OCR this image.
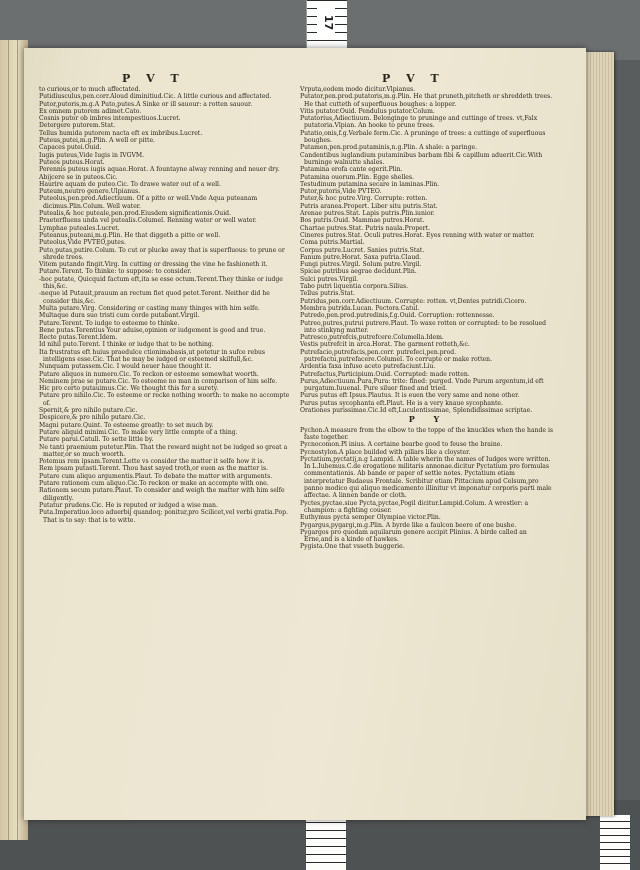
17
P V T	P V T
to curious,or to much affectated.
Putidiusculus,pen.corr.Aloud diminitiud.Cic. A little curious and affectated.
Putor,putoris,m.g.A Puto,putes.A Sinke or ill sauour: a rotten sauour.
Ex omnem putorem adimet.Cato.
Cosnis putor ob imbres intempestiuos.Lucret.
Detergere putorem.Stat.
Tellus humida putorem nacta eft ex imbribus.Lucret.
Puteus,putei,m.g.Plin. A well or pitte.
Capaces putei.Ouid.
Iugis puteus,Vide Iugis in IVGVM.
Puteos puteus.Horat.
Perennis puteus iugis aquae.Horat. A fountayne alway renning and neuer dry.
Abijcere se in puteos.Cic.
Haurire aquam de puteo.Cic. To drawe water out of a well.
Puteum,neutro genere.Ulpianus.
Puteolus,pen.prod.Adiectiuum. Of a pitte or well.Vnde Aqua puteanam dicimus.Plin.Colum. Well water.
Putealis,& hoc puteale,pen.prod.Eiusdem significationis.Ouid.
Praeterfluens unda vel putealis.Columel. Renning water or well water.
Lymphae puteales.Lucret.
Puteanus,puteani,m.g.Plin. He that diggeth a pitte or well.
Puteolus,Vide PVTEO,putes.
Puto,putas,putire.Colum. To cut or plucke away that is superfluous: to prune or shrede trees.
Vitem putando fingit.Virg. In cutting or dressing the vine he fashioneth it.
Putare.Terent. To thinke: to suppose: to consider.
-hoc putate, Quicquid factum eft,ita se esse octum.Terent.They thinke or iudge this,&c.
-neque id Putauit,prauum an rectum fiet quod petet.Terent. Neither did he consider this,&c.
Multa putare.Virg. Considering or casting many thinges with him selfe.
Multaque dura suo tristi cum corde putabant.Virgil.
Putare.Terent. To iudge to esteeme to thinke.
Bene putas.Terentius Your aduise,opinion or iudgement is good and true.
Recte putas.Terent.Idem.
Id nihil puto.Terent. I thinke or iudge that to be nothing.
Ita frustratus eft huius praedulce ctionimabasis,ut potetur in sufce rebus intelligens esse.Cic. That he may be iudged or esteemed skilfull,&c.
Nunquam putassem.Cic. I would neuer haue thought it.
Putare aliquos in numero.Cic. To reckon or esteeme somewhat woorth.
Neminem prae se putare.Cic. To esteeme no man in comparison of him selfe.
Hic pro certo putauimus.Cic. We thought this for a surety.
Putare pro nihilo.Cic. To esteeme or recke nothing woorth: to make no accompte of.
Spernit,& pro nihilo putare.Cic.
Despicere,& pro nihilo putare.Cic.
Magni putare.Quint. To esteeme greatly: to set much by.
Putare aliquid minimi.Cic. To make very little compte of a thing.
Putare parui.Catull. To sette little by.
Ne tanti praemium putetur.Plin. That the reward might not be iudged so great a matter,or so much woorth.
Potemus rem ipsam.Terent.Lette vs consider the matter it selfe how it is.
Rem ipsam putasti.Terent. Thou hast sayed troth,or euen as the matter is.
Putare cum aliquo argumentis.Plaut. To debate the matter with arguments.
Putare rationem cum aliquo.Cic.To reckon or make an accompte with one.
Rationem secum putare.Plaut. To consider and weigh the matter with him selfe diligently.
Putatur prudens.Cic. He is reputed or iudged a wise man.
Puta.Imperatiuo.loco aduerbij quandoq; ponitur,pro Scilicet,vel verbi gratia.Pop. That is to say: that is to witte.
Vrputa,eodem modo dicitur.Vlpianus.
Putator,pen.prod.putatoris,m.g.Plin. He that pruneth,pitcheth or shreddeth trees. He that cutteth of superfluous boughes: a lopper.
Vitis putator.Ouid. Pendulus putator.Colum.
Putatorius,Adiectiuum. Belonginge to pruninge and cuttinge of trees. vt,Falx putatoria.Vlpian. An hooke to prune trees.
Putatio,onis,f.g.Verbale ferm.Cic. A pruninge of trees: a cuttinge of superfluous boughes.
Putamen,pen.prod.putaminis,n.g.Plin. A shale: a paringe.
Candentibus iuglandium putaminibus barbam fibi & capillum aduerit.Cic.With burninge walnutte shales.
Putamina erofa cante egerit.Plin.
Putamina ouorum.Plin. Egge shelles.
Testudinum putamina secare in laminas.Plin.
Putor,putoris,Vide PVTEO.
Puter,& hoc putre.Virg. Corrupte: rotten.
Putris aranea.Propert. Liber situ putris.Stat.
Arenae putres.Stat. Lapis putris.Plin.iunior.
Bos putris.Ouid. Mammae putres.Horat.
Chartae putres.Stat. Putris naula.Propert.
Cineres putres.Stat. Oculi putres.Horat. Eyes renning with water or matter.
Coma putris.Martial.
Corpus putre.Lucret. Sanies putris.Stat.
Fanum putre.Horat. Saxa putria.Claud.
Fungi putres.Virgil. Solum putre.Virgil.
Spicae putribus aegrae decidunt.Plin.
Sulci putres.Virgil.
Tabo putri liquentia corpora.Silius.
Tellus putris.Stat.
Putridus,pen.corr.Adiectiuum. Corrupte: rotten. vt,Dentes putridi.Cicero.
Membra putrida.Lucan. Pectora.Catul.
Putredo,pen.prod.putredinis,f.g.Ouid. Corruption: rottennesse.
Putreo,putres,putrui putrere.Plaut. To waxe rotten or corrupted: to be resolued into stinkyng matter.
Putresco,putrefcis,putrefcere.Columella.Idem.
Vestis putrefcit in arca.Horat. The garment rotteth,&c.
Putrefacio,putrefacis,pen.corr. putrefeci,pen.prod. putrefactu,putrefacere.Columel. To corrupte or make rotten.
Ardentia faxa infuso aceto putrefaciunt.Liu.
Putrefactus,Participium.Ouid. Corrupted: made rotten.
Purus,Adiectiuum.Pura,Pura: trite: fined: purged. Vnde Purum argentum,id eft purgatum.Iuuenal. Pure siluer fined and tried.
Purus putus eft Ipsus.Plautus. It is euen the very same and none other.
Purus putus sycophanta eft.Plaut. He is a very knaue sycophante.
Orationes purissimae.Cic.Id eft,Luculentissimae, Splendidissimae scriptae.
P Y
Pychon.A measure from the elbow to the toppe of the knuckles when the hande is faste together.
Pycnocomon.Pl inius. A certaine bearbe good to feuse the braine.
Pycnostylon.A place builded with pillars like a cloyster.
Pyctatium,pyctatij,n.g Lampid. A table wherin the names of Iudges were written. In L.Iubemus.C.de erogatione militaris annonae.dicitur Pyctatium pro formulas commentationis. Ab bande or paper of settle notes. Pyctatium etiam interpretatur Budaeus Frontale. Scribitur etiam Pittacium apud Celsum,pro panno modico qui aliquo medicamento illinitur vt imponatur corporis parti male affectae. A linnen bande or cloth.
Pyctes,pyctae.siue Pycta,pyctae,Pogil dicitur.Lampid.Colum. A wrestler: a champion: a fighting couser.
Euthymus pycta semper Olympiae victor.Plin.
Pygargus,pygargi,m.g.Plin. A byrde like a faulcon beere of one bushe.
Pygargos pro quodam aquilarum genere accipit Plinius. A birde called an Erne,and is a kinde of hawkes.
Pygista.One that vsseth buggerie.
